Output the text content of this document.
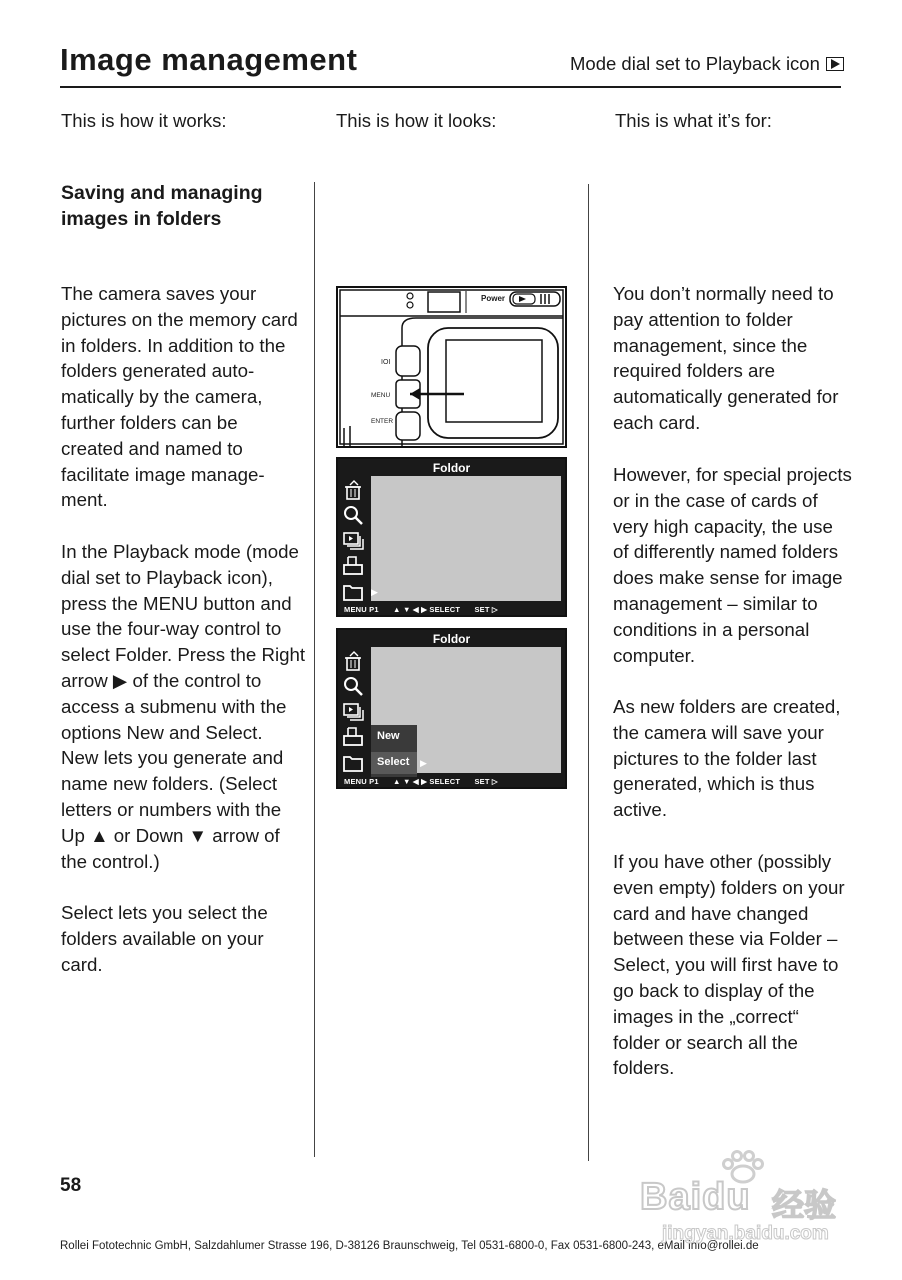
Image management	Mode dial set to Playback icon
This is how it works:	This is how it looks:	This is what it’s for:
Saving and managing
images in folders
The camera saves your
pictures on the memory card
in folders. In addition to the
folders generated auto-
matically by the camera,
further folders can be
created and named to
facilitate image manage-
ment.
In the Playback mode (mode
dial set to Playback icon),
press the MENU button and
use the four-way control to
select Folder. Press the Right
arrow ▶ of the control to
access a submenu with the
options New and Select.
New lets you generate and
name new folders. (Select
letters or numbers with the
Up ▲ or Down ▼ arrow of
the control.)
Select lets you select the
folders available on your
card.
You don’t normally need to
pay attention to folder
management, since the
required folders are
automatically generated for
each card.
However, for special projects
or in the case of cards of
very high capacity, the use
of differently named folders
does make sense for image
management – similar to
conditions in a personal
computer.
As new folders are created,
the camera will save your
pictures to the folder last
generated, which is thus
active.
If you have other (possibly
even empty) folders on your
card and have changed
between these via Folder –
Select, you will first have to
go back to display of the
images in the „correct“
folder or search all the
folders.
Power
IOI
MENU
ENTER
Foldor
▶
MENU P1 ▲ ▼ ◀ ▶ SELECT SET ▷
Foldor
New
Select ▶
MENU P1 ▲ ▼ ◀ ▶ SELECT SET ▷
58
Rollei Fototechnic GmbH, Salzdahlumer Strasse 196, D-38126 Braunschweig, Tel 0531-6800-0, Fax 0531-6800-243, eMail info@rollei.de
Baidu 经验
jingyan.baidu.com
